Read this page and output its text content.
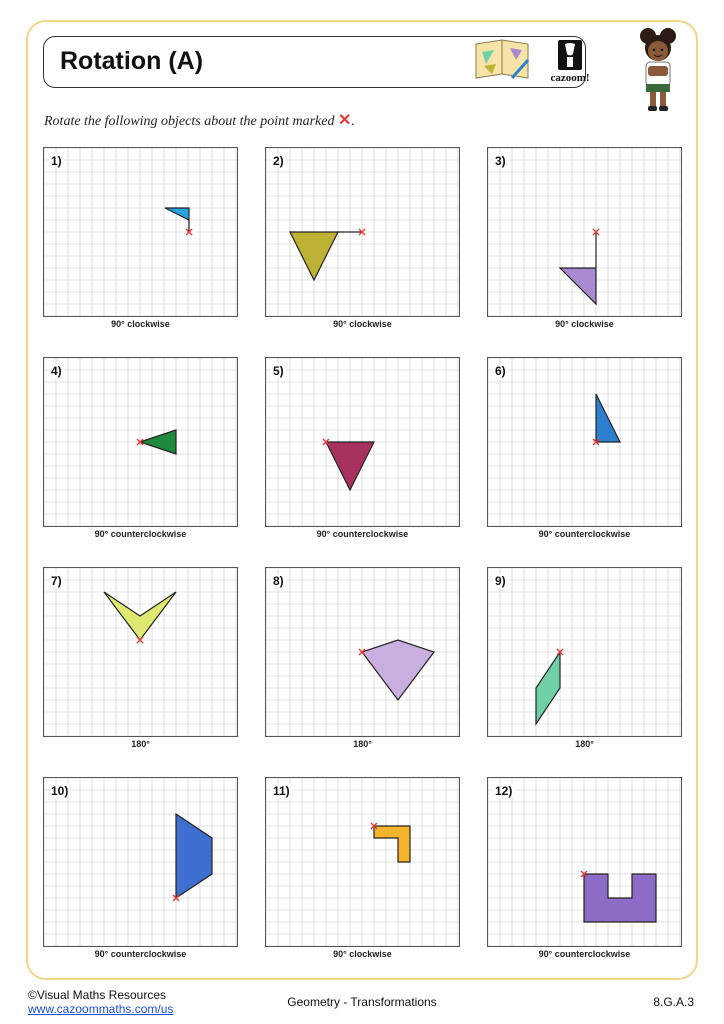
Rotation (A)
cazoom!
Rotate the following objects about the point marked ✕.
1)
90° clockwise
2)
90° clockwise
3)
90° clockwise
4)
90° counterclockwise
5)
90° counterclockwise
6)
90° counterclockwise
7)
180°
8)
180°
9)
180°
10)
90° counterclockwise
11)
90° clockwise
12)
90° counterclockwise
©Visual Maths Resources
www.cazoommaths.com/us	Geometry - Transformations	8.G.A.3
